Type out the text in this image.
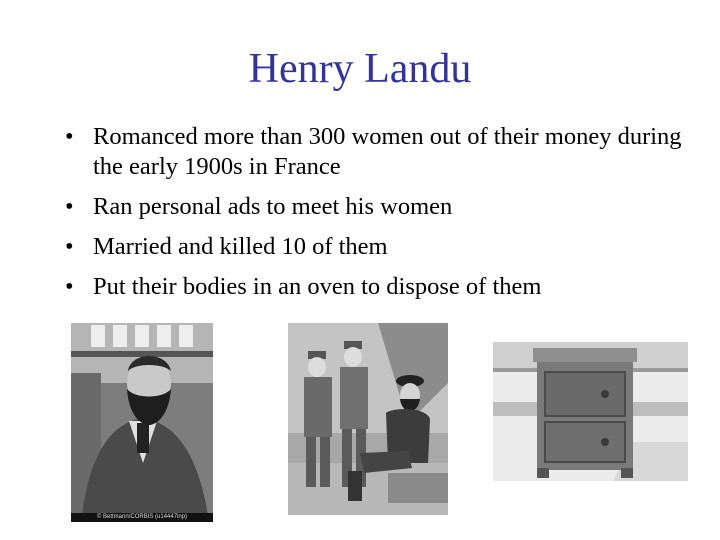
Henry Landu
• Romanced more than 300 women out of their money during the early 1900s in France
• Ran personal ads to meet his women
• Married and killed 10 of them
• Put their bodies in an oven to dispose of them
© Bettmann/CORBIS (u14447inp)
